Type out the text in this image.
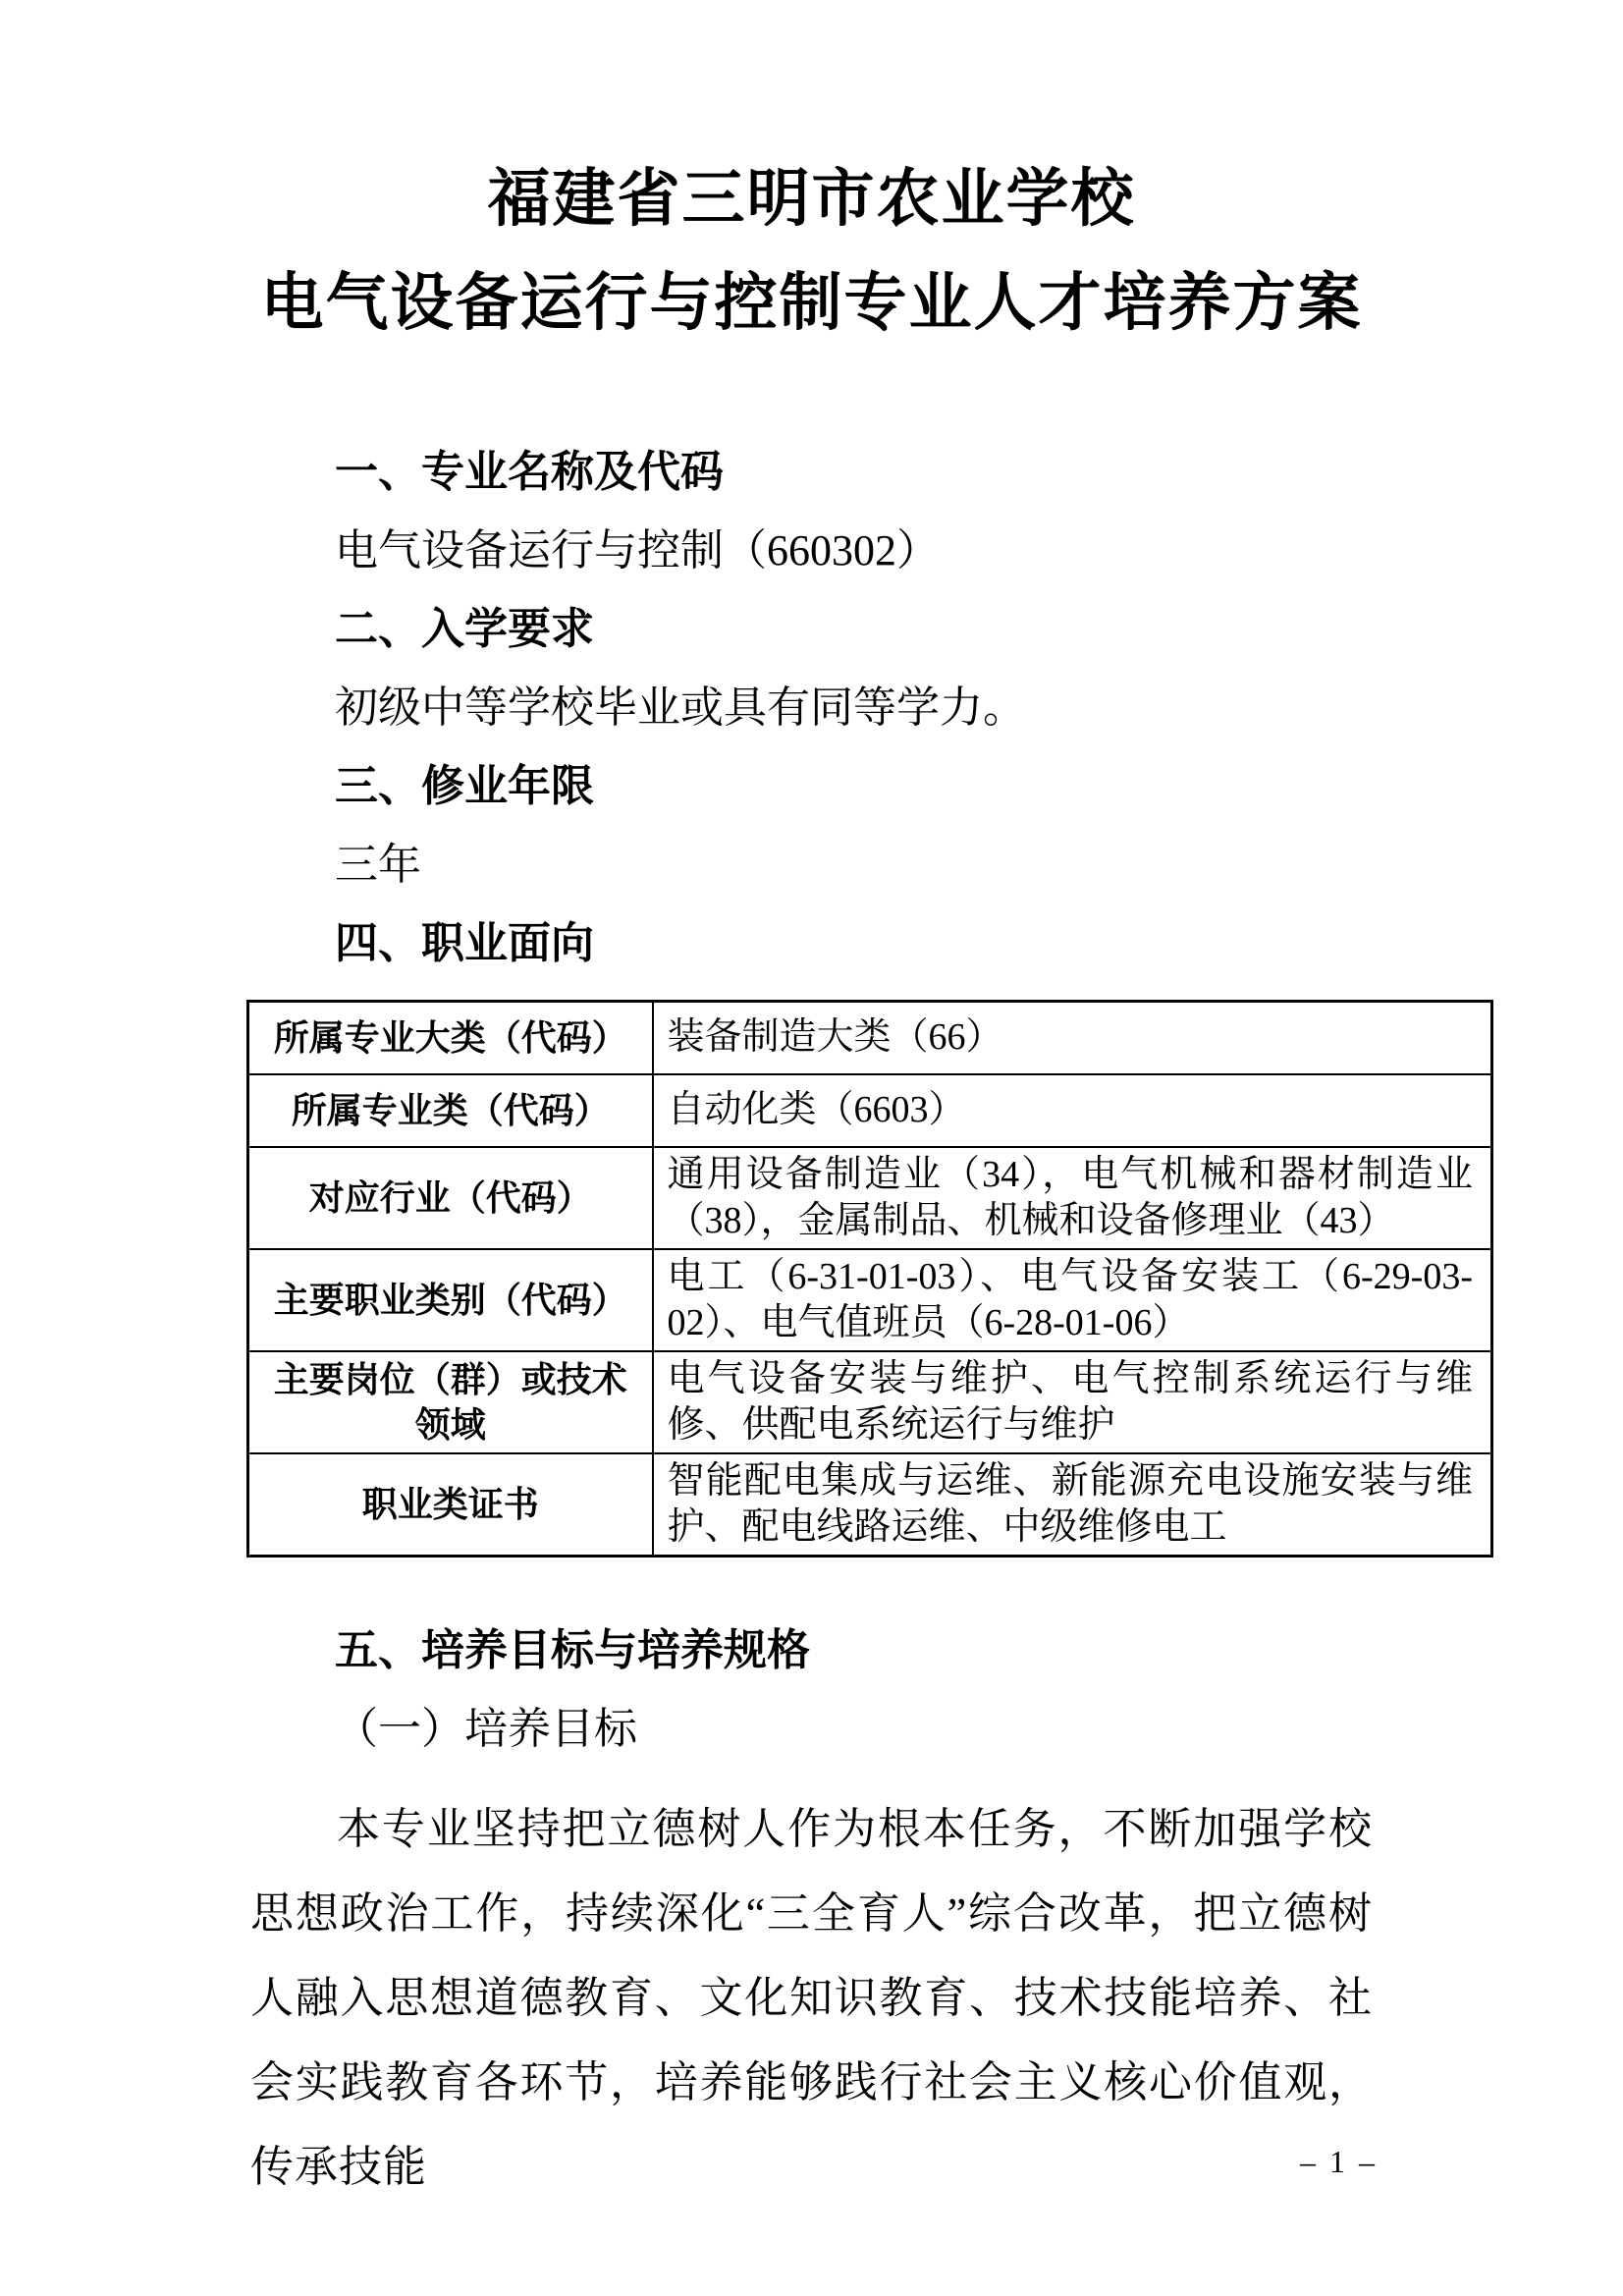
福建省三明市农业学校
电气设备运行与控制专业人才培养方案
一、专业名称及代码
电气设备运行与控制（660302）
二、入学要求
初级中等学校毕业或具有同等学力。
三、修业年限
三年
四、职业面向
所属专业大类（代码）	装备制造大类（66）
所属专业类（代码）	自动化类（6603）
对应行业（代码）	通用设备制造业（34），电气机械和器材制造业（38），金属制品、机械和设备修理业（43）
主要职业类别（代码）	电工（6-31-01-03）、电气设备安装工（6-29-03-02）、电气值班员（6-28-01-06）
主要岗位（群）或技术领域	电气设备安装与维护、电气控制系统运行与维修、供配电系统运行与维护
职业类证书	智能配电集成与运维、新能源充电设施安装与维护、配电线路运维、中级维修电工
五、培养目标与培养规格
（一）培养目标

本专业坚持把立德树人作为根本任务，不断加强学校思想政治工作，持续深化“三全育人”综合改革，把立德树人融入思想道德教育、文化知识教育、技术技能培养、社会实践教育各环节，培养能够践行社会主义核心价值观，传承技能	– 1 –
